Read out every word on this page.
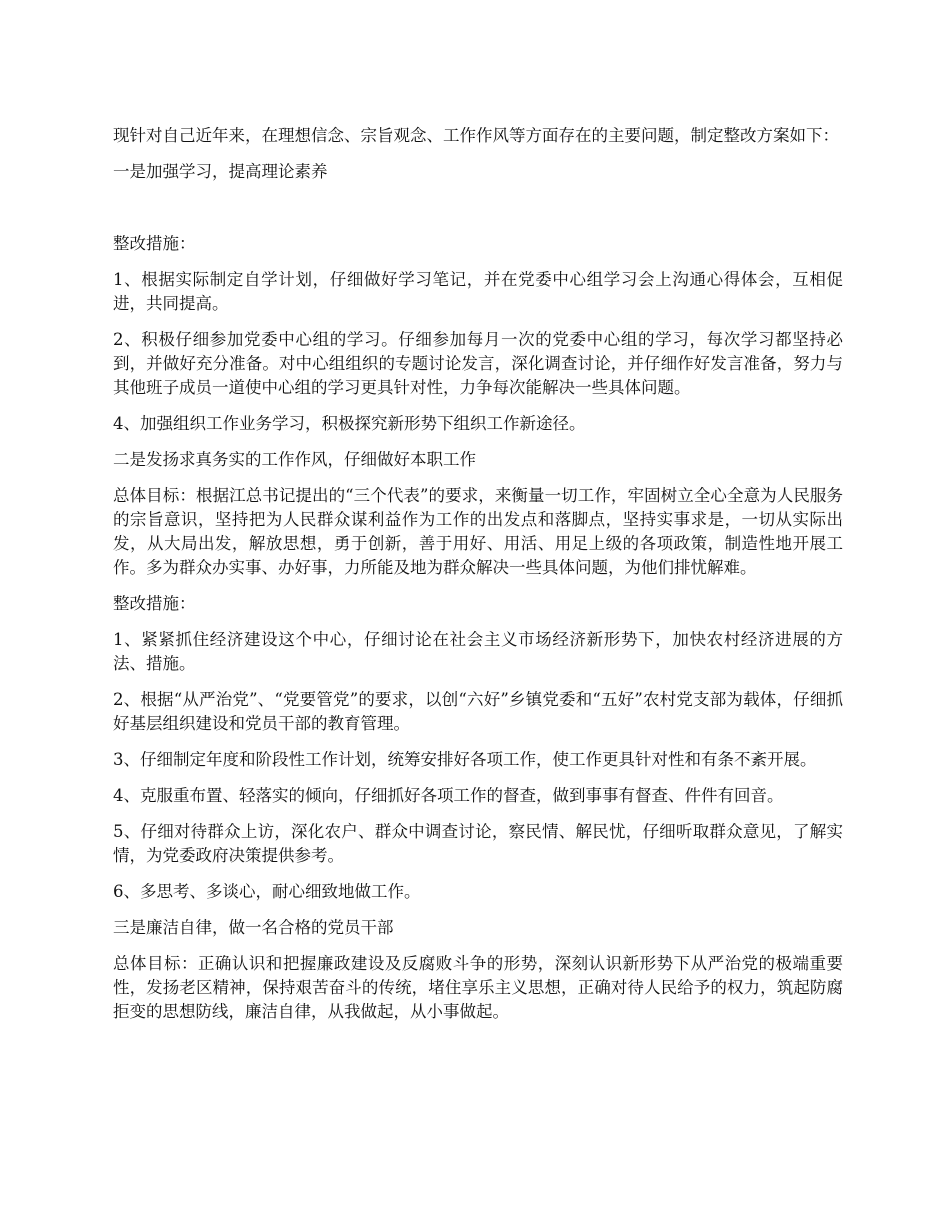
现针对自己近年来，在理想信念、宗旨观念、工作作风等方面存在的主要问题，制定整改方案如下：

一是加强学习，提高理论素养

整改措施：

1、根据实际制定自学计划，仔细做好学习笔记，并在党委中心组学习会上沟通心得体会，互相促进，共同提高。

2、积极仔细参加党委中心组的学习。仔细参加每月一次的党委中心组的学习，每次学习都坚持必到，并做好充分准备。对中心组组织的专题讨论发言，深化调查讨论，并仔细作好发言准备，努力与其他班子成员一道使中心组的学习更具针对性，力争每次能解决一些具体问题。

4、加强组织工作业务学习，积极探究新形势下组织工作新途径。

二是发扬求真务实的工作作风，仔细做好本职工作

总体目标：根据江总书记提出的“三个代表”的要求，来衡量一切工作，牢固树立全心全意为人民服务的宗旨意识，坚持把为人民群众谋利益作为工作的出发点和落脚点，坚持实事求是，一切从实际出发，从大局出发，解放思想，勇于创新，善于用好、用活、用足上级的各项政策，制造性地开展工作。多为群众办实事、办好事，力所能及地为群众解决一些具体问题，为他们排忧解难。

整改措施：

1、紧紧抓住经济建设这个中心，仔细讨论在社会主义市场经济新形势下，加快农村经济进展的方法、措施。

2、根据“从严治党”、“党要管党”的要求，以创“六好”乡镇党委和“五好”农村党支部为载体，仔细抓好基层组织建设和党员干部的教育管理。

3、仔细制定年度和阶段性工作计划，统筹安排好各项工作，使工作更具针对性和有条不紊开展。

4、克服重布置、轻落实的倾向，仔细抓好各项工作的督查，做到事事有督查、件件有回音。

5、仔细对待群众上访，深化农户、群众中调查讨论，察民情、解民忧，仔细听取群众意见，了解实情，为党委政府决策提供参考。

6、多思考、多谈心，耐心细致地做工作。

三是廉洁自律，做一名合格的党员干部

总体目标：正确认识和把握廉政建设及反腐败斗争的形势，深刻认识新形势下从严治党的极端重要性，发扬老区精神，保持艰苦奋斗的传统，堵住享乐主义思想，正确对待人民给予的权力，筑起防腐拒变的思想防线，廉洁自律，从我做起，从小事做起。
